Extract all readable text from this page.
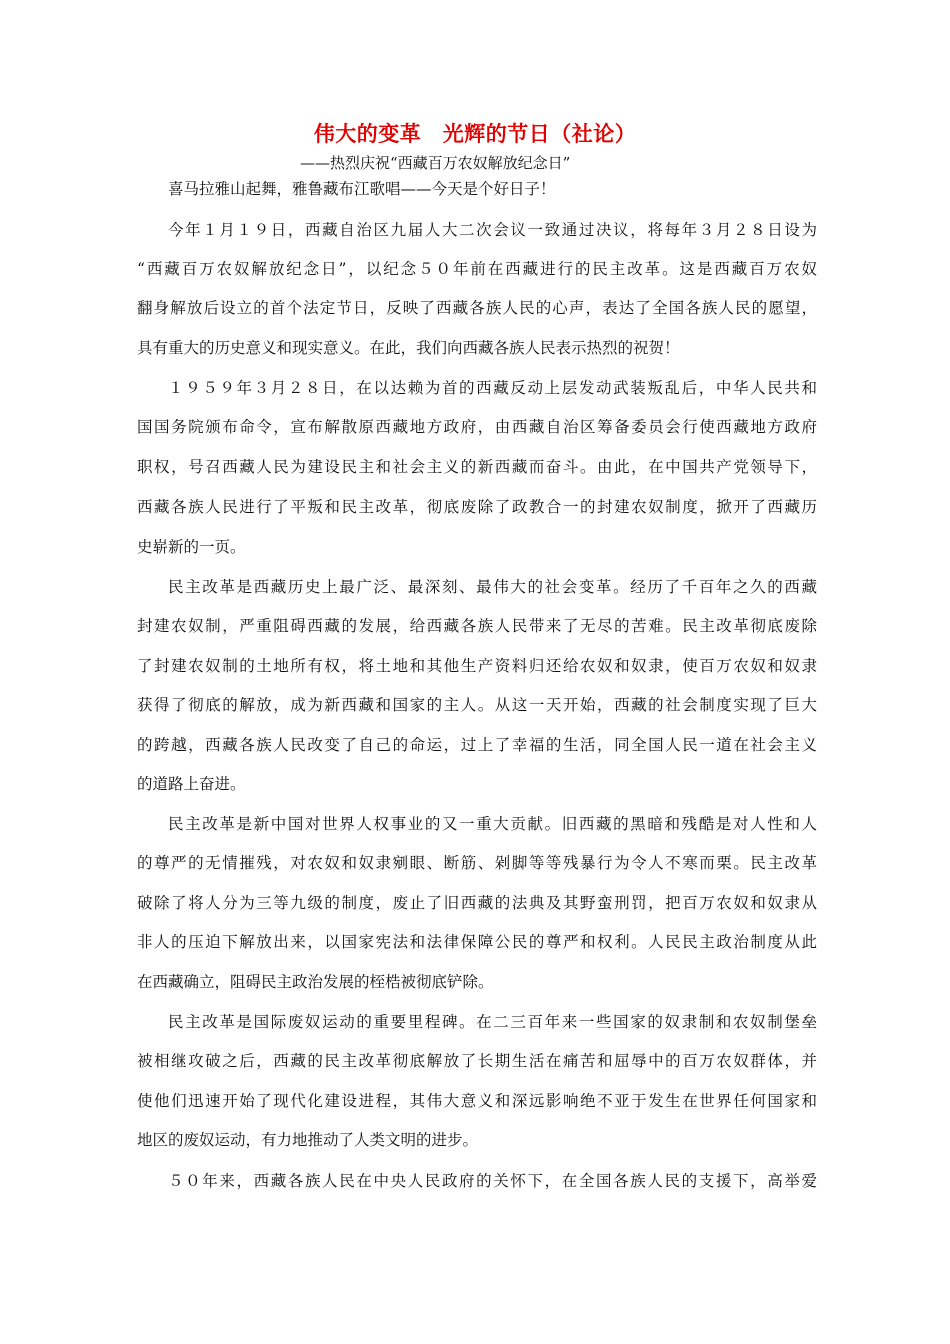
伟大的变革　光辉的节日（社论）
——热烈庆祝“西藏百万农奴解放纪念日”
喜马拉雅山起舞，雅鲁藏布江歌唱——今天是个好日子！
今年１月１９日，西藏自治区九届人大二次会议一致通过决议，将每年３月２８日设为
“西藏百万农奴解放纪念日”，以纪念５０年前在西藏进行的民主改革。这是西藏百万农奴
翻身解放后设立的首个法定节日，反映了西藏各族人民的心声，表达了全国各族人民的愿望，
具有重大的历史意义和现实意义。在此，我们向西藏各族人民表示热烈的祝贺！
１９５９年３月２８日，在以达赖为首的西藏反动上层发动武装叛乱后，中华人民共和
国国务院颁布命令，宣布解散原西藏地方政府，由西藏自治区筹备委员会行使西藏地方政府
职权，号召西藏人民为建设民主和社会主义的新西藏而奋斗。由此，在中国共产党领导下，
西藏各族人民进行了平叛和民主改革，彻底废除了政教合一的封建农奴制度，掀开了西藏历
史崭新的一页。
民主改革是西藏历史上最广泛、最深刻、最伟大的社会变革。经历了千百年之久的西藏
封建农奴制，严重阻碍西藏的发展，给西藏各族人民带来了无尽的苦难。民主改革彻底废除
了封建农奴制的土地所有权，将土地和其他生产资料归还给农奴和奴隶，使百万农奴和奴隶
获得了彻底的解放，成为新西藏和国家的主人。从这一天开始，西藏的社会制度实现了巨大
的跨越，西藏各族人民改变了自己的命运，过上了幸福的生活，同全国人民一道在社会主义
的道路上奋进。
民主改革是新中国对世界人权事业的又一重大贡献。旧西藏的黑暗和残酷是对人性和人
的尊严的无情摧残，对农奴和奴隶剜眼、断筋、剁脚等等残暴行为令人不寒而栗。民主改革
破除了将人分为三等九级的制度，废止了旧西藏的法典及其野蛮刑罚，把百万农奴和奴隶从
非人的压迫下解放出来，以国家宪法和法律保障公民的尊严和权利。人民民主政治制度从此
在西藏确立，阻碍民主政治发展的桎梏被彻底铲除。
民主改革是国际废奴运动的重要里程碑。在二三百年来一些国家的奴隶制和农奴制堡垒
被相继攻破之后，西藏的民主改革彻底解放了长期生活在痛苦和屈辱中的百万农奴群体，并
使他们迅速开始了现代化建设进程，其伟大意义和深远影响绝不亚于发生在世界任何国家和
地区的废奴运动，有力地推动了人类文明的进步。
５０年来，西藏各族人民在中央人民政府的关怀下，在全国各族人民的支援下，高举爱
